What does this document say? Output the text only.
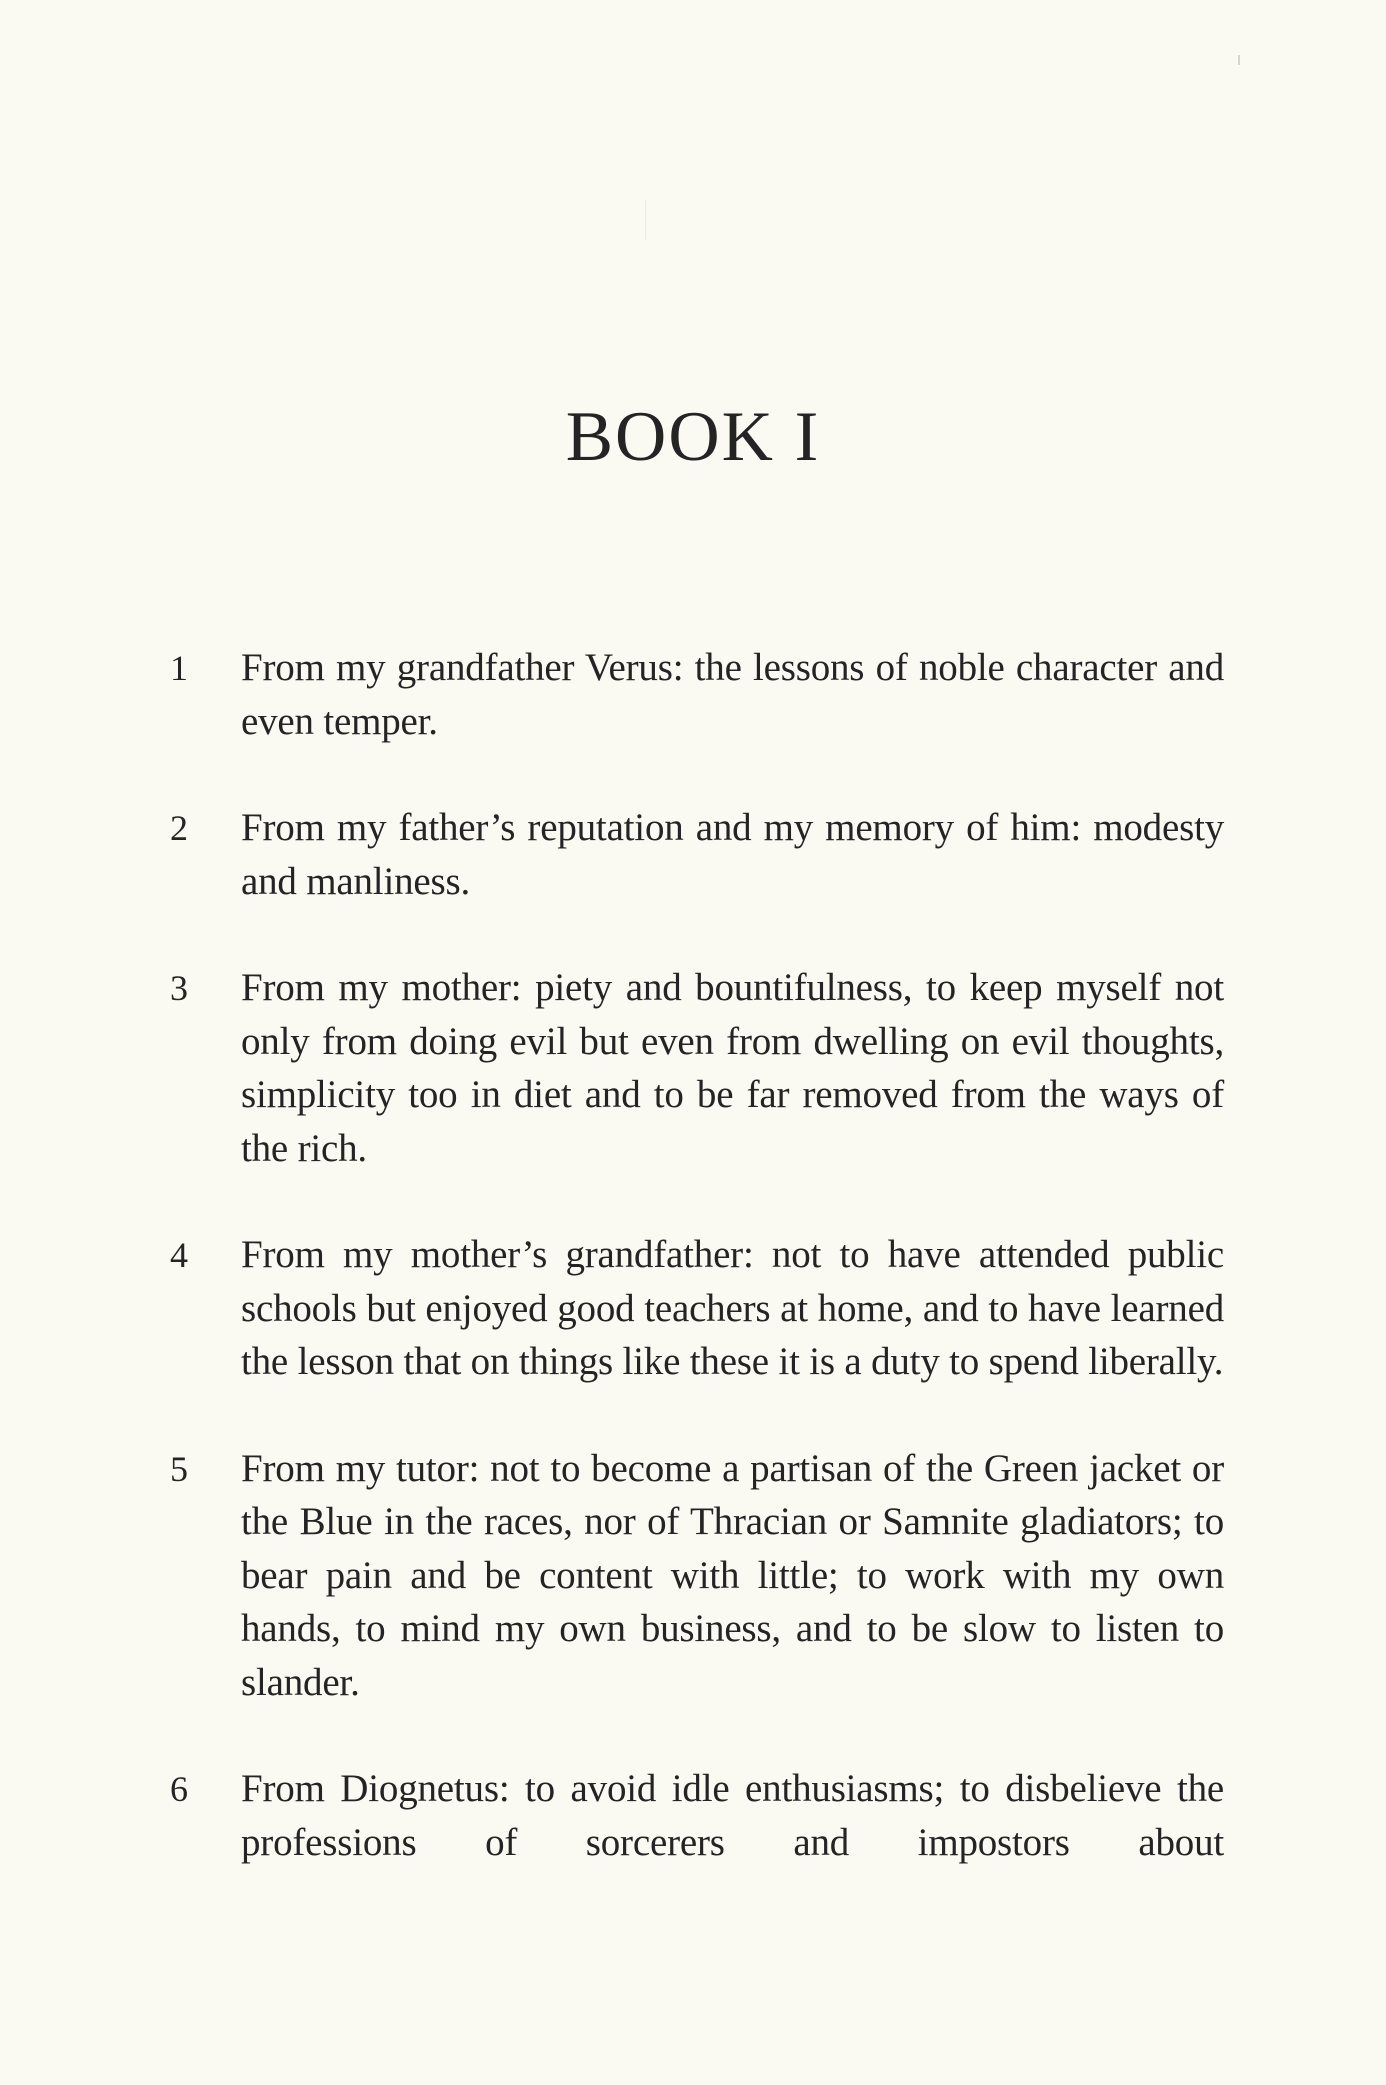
BOOK I
1	From my grandfather Verus: the lessons of noble character and even temper.
2	From my father’s reputation and my memory of him: modesty and manliness.
3	From my mother: piety and bountifulness, to keep myself not only from doing evil but even from dwelling on evil thoughts, simplicity too in diet and to be far removed from the ways of the rich.
4	From my mother’s grandfather: not to have attended public schools but enjoyed good teachers at home, and to have learned the lesson that on things like these it is a duty to spend liberally.
5	From my tutor: not to become a partisan of the Green jacket or the Blue in the races, nor of Thracian or Samnite gladiators; to bear pain and be content with little; to work with my own hands, to mind my own business, and to be slow to listen to slander.
6	From Diognetus: to avoid idle enthusiasms; to disbelieve the professions of sorcerers and impostors about
